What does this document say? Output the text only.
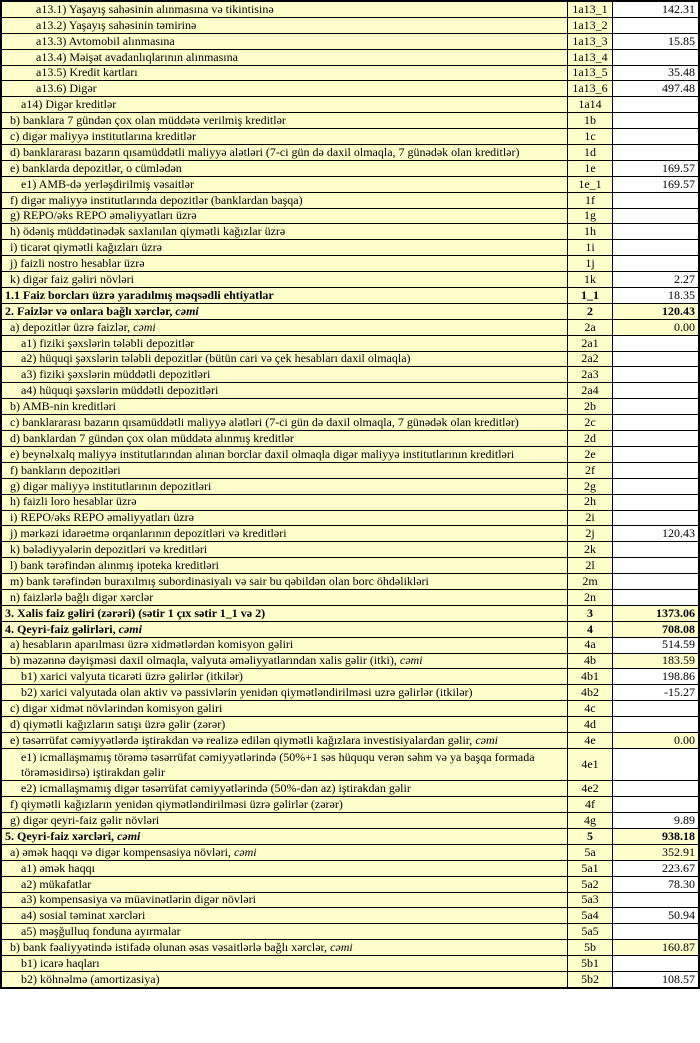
a13.1) Yaşayış sahəsinin alınmasına və tikintisinə	1a13_1	142.31
a13.2) Yaşayış sahəsinin təmirinə	1a13_2	
a13.3) Avtomobil alınmasına	1a13_3	15.85
a13.4) Məişət avadanlıqlarının alınmasına	1a13_4	
a13.5) Kredit kartları	1a13_5	35.48
a13.6) Digər	1a13_6	497.48
a14) Digər kreditlər	1a14	
b) banklara 7 gündən çox olan müddətə verilmiş kreditlər	1b	
c) digər maliyyə institutlarına kreditlər	1c	
d) banklararası bazarın qısamüddətli maliyyə alətləri (7-ci gün də daxil olmaqla, 7 günədək olan kreditlər)	1d	
e) banklarda depozitlər, o cümlədən	1e	169.57
e1) AMB-də yerləşdirilmiş vəsaitlər	1e_1	169.57
f) digər maliyyə institutlarında depozitlər (banklardan başqa)	1f	
g) REPO/əks REPO əməliyyatları üzrə	1g	
h) ödəniş müddətinədək saxlanılan qiymətli kağızlar üzrə	1h	
i) ticarət qiymətli kağızları üzrə	1i	
j) faizli nostro hesablar üzrə	1j	
k) digər faiz gəliri növləri	1k	2.27
1.1 Faiz borcları üzrə yaradılmış məqsədli ehtiyatlar	1_1	18.35
2. Faizlər və onlara bağlı xərclər, cəmi	2	120.43
a) depozitlər üzrə faizlər, cəmi	2a	0.00
a1) fiziki şəxslərin tələbli depozitlər	2a1	
a2) hüquqi şəxslərin tələbli depozitlər (bütün cari və çek hesabları daxil olmaqla)	2a2	
a3) fiziki şəxslərin müddətli depozitləri	2a3	
a4) hüquqi şəxslərin müddətli depozitləri	2a4	
b) AMB-nin kreditləri	2b	
c) banklararası bazarın qısamüddətli maliyyə alətləri (7-ci gün də daxil olmaqla, 7 günədək olan kreditlər)	2c	
d) banklardan 7 gündən çox olan müddətə alınmış kreditlər	2d	
e) beynəlxalq maliyyə institutlarından alınan borclar daxil olmaqla digər maliyyə institutlarının kreditləri	2e	
f) bankların depozitləri	2f	
g) digər maliyyə institutlarının depozitləri	2g	
h) faizli loro hesablar üzrə	2h	
i) REPO/əks REPO əməliyyatları üzrə	2i	
j) mərkəzi idarəetmə orqanlarının depozitləri və kreditləri	2j	120.43
k) bələdiyyələrin depozitləri və kreditləri	2k	
l) bank tərəfindən alınmış ipoteka kreditləri	2l	
m) bank tərəfindən buraxılmış subordinasiyalı və sair bu qəbildən olan borc öhdəlikləri	2m	
n) faizlərlə bağlı digər xərclər	2n	
3. Xalis faiz gəliri (zərəri) (sətir 1 çıx sətir 1_1 və 2)	3	1373.06
4. Qeyri-faiz gəlirləri, cəmi	4	708.08
a) hesabların aparılması üzrə xidmətlərdən komisyon gəliri	4a	514.59
b) məzənnə dəyişməsi daxil olmaqla, valyuta əməliyyatlarından xalis gəlir (itki), cəmi	4b	183.59
b1) xarici valyuta ticarəti üzrə gəlirlər (itkilər)	4b1	198.86
b2) xarici valyutada olan aktiv və passivlərin yenidən qiymətləndirilməsi uzrə gəlirlər (itkilər)	4b2	-15.27
c) digər xidmət növlərindən komisyon gəliri	4c	
d) qiymətli kağızların satışı üzrə gəlir (zərər)	4d	
e) təsərrüfat cəmiyyətlərdə iştirakdan və realizə edilən qiymətli kağızlara investisiyalardan gəlir, cəmi	4e	0.00
e1) icmallaşmamış törəmə təsərrüfat cəmiyyətlərində (50%+1 səs hüququ verən səhm və ya başqa formada törəməsidirsə) iştirakdan gəlir	4e1	
e2) icmallaşmamış digər təsərrüfat cəmiyyətlərində (50%-dən az) iştirakdan gəlir	4e2	
f) qiymətli kağızların yenidən qiymətləndirilməsi üzrə gəlirlər (zərər)	4f	
g) digər qeyri-faiz gəlir növləri	4g	9.89
5. Qeyri-faiz xərcləri, cəmi	5	938.18
a) əmək haqqı və digər kompensasiya növləri, cəmi	5a	352.91
a1) əmək haqqı	5a1	223.67
a2) mükafatlar	5a2	78.30
a3) kompensasiya və müavinətlərin digər növləri	5a3	
a4) sosial təminat xərcləri	5a4	50.94
a5) məşğulluq fonduna ayırmalar	5a5	
b) bank fəaliyyətində istifadə olunan əsas vəsaitlərlə bağlı xərclər, cəmi	5b	160.87
b1) icarə haqları	5b1	
b2) köhnəlmə (amortizasiya)	5b2	108.57
